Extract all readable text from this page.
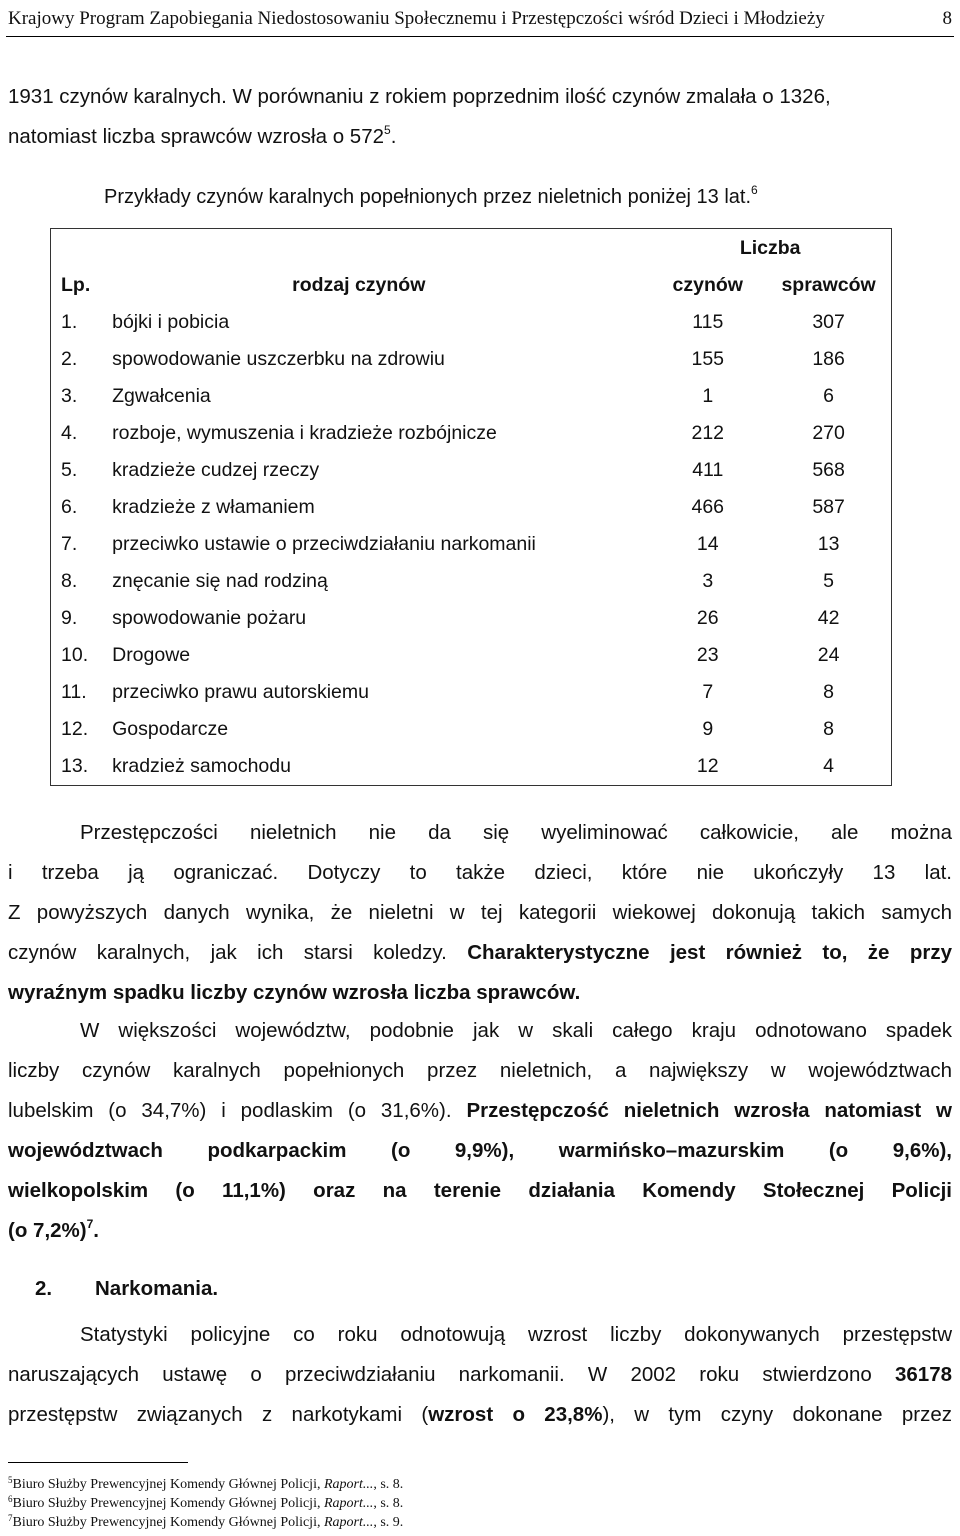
Krajowy Program Zapobiegania Niedostosowaniu Społecznemu i Przestępczości wśród Dzieci i Młodzieży	8
1931 czynów karalnych. W porównaniu z rokiem poprzednim ilość czynów zmalała o 1326,
natomiast liczba sprawców wzrosła o $572^5$.
Przykłady czynów karalnych popełnionych przez nieletnich poniżej 13 lat.$^6$
		Liczba	
Lp.	rodzaj czynów	czynów	sprawców
1.	bójki i pobicia	115	307
2.	spowodowanie uszczerbku na zdrowiu	155	186
3.	Zgwałcenia	1	6
4.	rozboje, wymuszenia i kradzieże rozbójnicze	212	270
5.	kradzieże cudzej rzeczy	411	568
6.	kradzieże z włamaniem	466	587
7.	przeciwko ustawie o przeciwdziałaniu narkomanii	14	13
8.	znęcanie się nad rodziną	3	5
9.	spowodowanie pożaru	26	42
10.	Drogowe	23	24
11.	przeciwko prawu autorskiemu	7	8
12.	Gospodarcze	9	8
13.	kradzież samochodu	12	4
Przestępczości nieletnich nie da się wyeliminować całkowicie, ale można
i trzeba ją ograniczać. Dotyczy to także dzieci, które nie ukończyły 13 lat.
Z powyższych danych wynika, że nieletni w tej kategorii wiekowej dokonują takich samych
czynów karalnych, jak ich starsi koledzy. Charakterystyczne jest również to, że przy
wyraźnym spadku liczby czynów wzrosła liczba sprawców.
W większości województw, podobnie jak w skali całego kraju odnotowano spadek
liczby czynów karalnych popełnionych przez nieletnich, a największy w województwach
lubelskim (o 34,7%) i podlaskim (o 31,6%). Przestępczość nieletnich wzrosła natomiast w
województwach podkarpackim (o 9,9%), warmińsko–mazurskim (o 9,6%),
wielkopolskim (o 11,1%) oraz na terenie działania Komendy Stołecznej Policji
(o 7,2%)$^7$.
2. Narkomania.
Statystyki policyjne co roku odnotowują wzrost liczby dokonywanych przestępstw
naruszających ustawę o przeciwdziałaniu narkomanii. W 2002 roku stwierdzono 36178
przestępstw związanych z narkotykami (wzrost o 23,8%), w tym czyny dokonane przez
$^5$Biuro Służby Prewencyjnej Komendy Głównej Policji, Raport..., s. 8.
$^6$Biuro Służby Prewencyjnej Komendy Głównej Policji, Raport..., s. 8.
$^7$Biuro Służby Prewencyjnej Komendy Głównej Policji, Raport..., s. 9.
